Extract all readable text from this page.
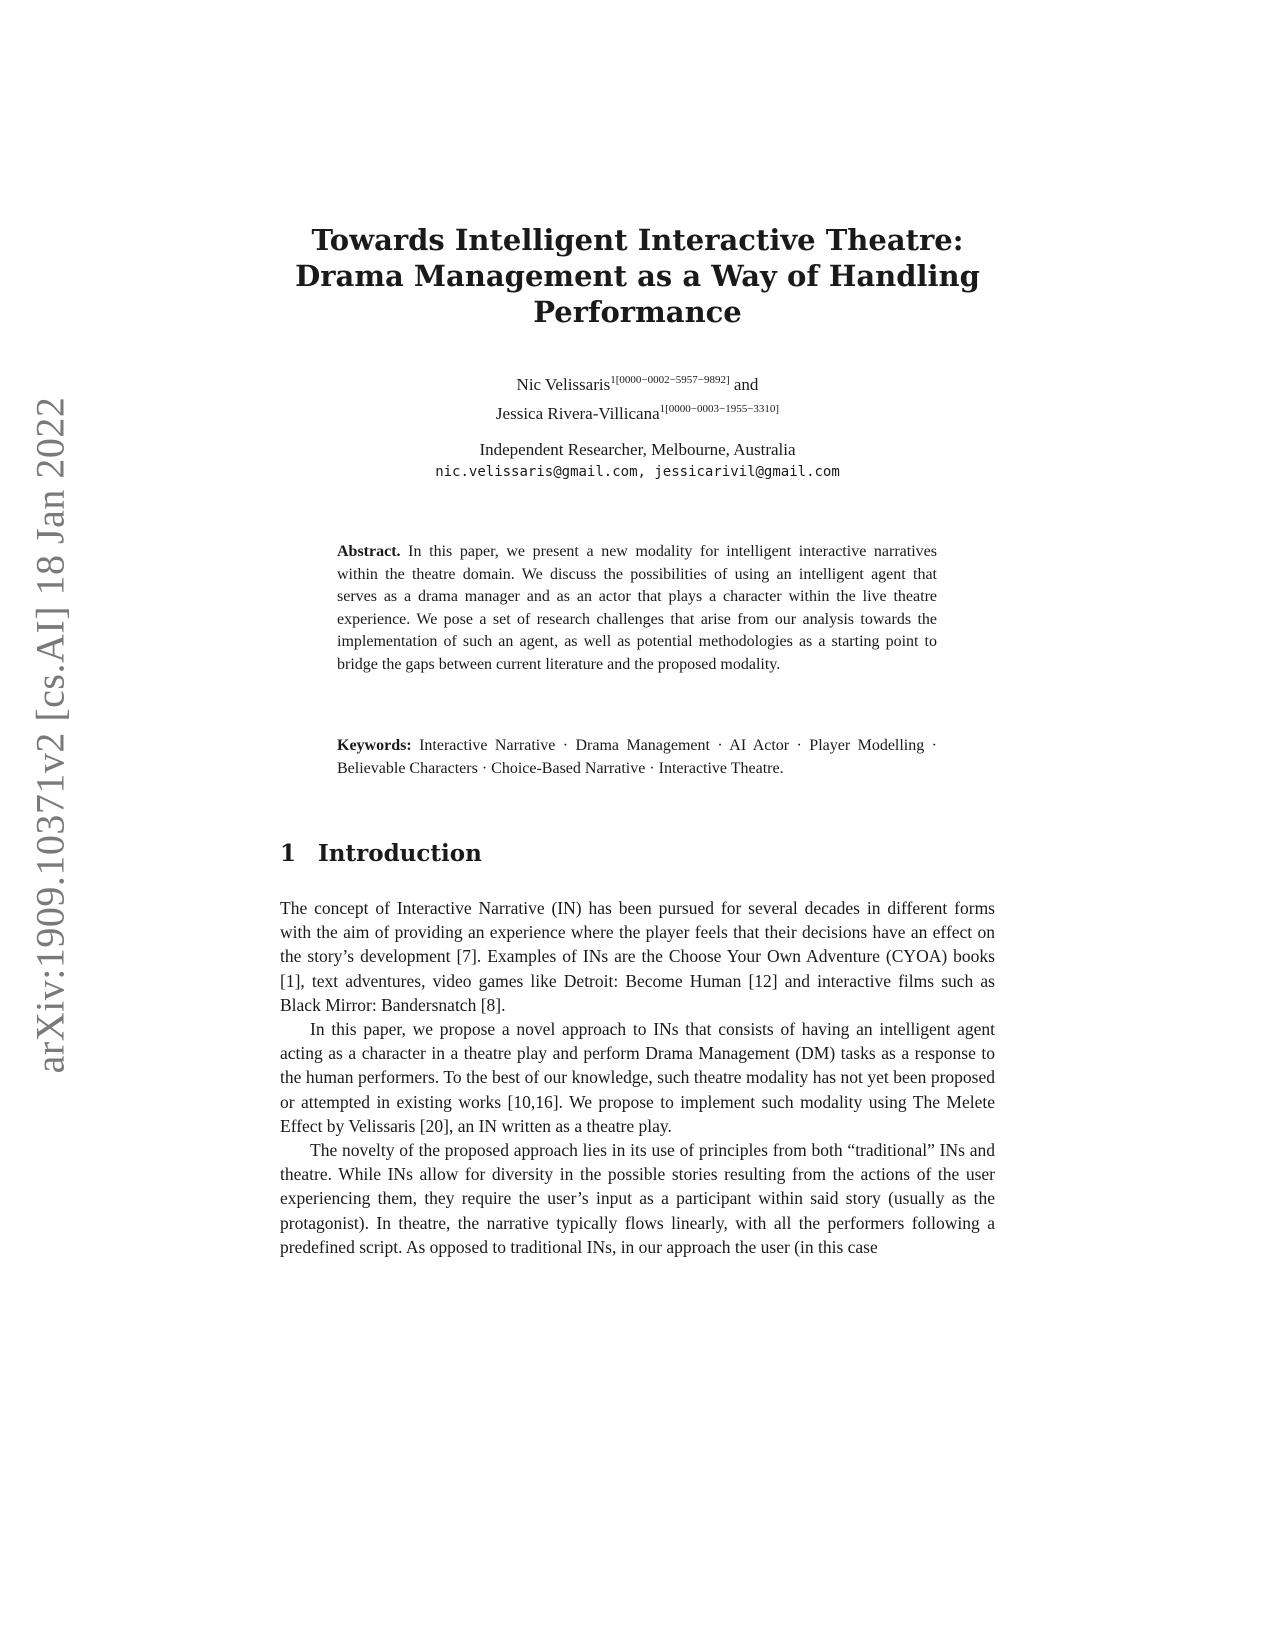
arXiv:1909.10371v2 [cs.AI] 18 Jan 2022
Towards Intelligent Interactive Theatre:
Drama Management as a Way of Handling
Performance
Nic Velissaris$^{1[0000-0002-5957-9892]}$ and
Jessica Rivera-Villicana$^{1[0000-0003-1955-3310]}$
Independent Researcher, Melbourne, Australia
nic.velissaris@gmail.com, jessicarivil@gmail.com
Abstract. In this paper, we present a new modality for intelligent interactive narratives within the theatre domain. We discuss the possibilities of using an intelligent agent that serves as a drama manager and as an actor that plays a character within the live theatre experience. We pose a set of research challenges that arise from our analysis towards the implementation of such an agent, as well as potential methodologies as a starting point to bridge the gaps between current literature and the proposed modality.
Keywords: Interactive Narrative · Drama Management · AI Actor · Player Modelling · Believable Characters · Choice-Based Narrative · Interactive Theatre.
1 Introduction

The concept of Interactive Narrative (IN) has been pursued for several decades in different forms with the aim of providing an experience where the player feels that their decisions have an effect on the story’s development [7]. Examples of INs are the Choose Your Own Adventure (CYOA) books [1], text adventures, video games like Detroit: Become Human [12] and interactive films such as Black Mirror: Bandersnatch [8].

In this paper, we propose a novel approach to INs that consists of having an intelligent agent acting as a character in a theatre play and perform Drama Management (DM) tasks as a response to the human performers. To the best of our knowledge, such theatre modality has not yet been proposed or attempted in existing works [10,16]. We propose to implement such modality using The Melete Effect by Velissaris [20], an IN written as a theatre play.

The novelty of the proposed approach lies in its use of principles from both “traditional” INs and theatre. While INs allow for diversity in the possible stories resulting from the actions of the user experiencing them, they require the user’s input as a participant within said story (usually as the protagonist). In theatre, the narrative typically flows linearly, with all the performers following a predefined script. As opposed to traditional INs, in our approach the user (in this case
